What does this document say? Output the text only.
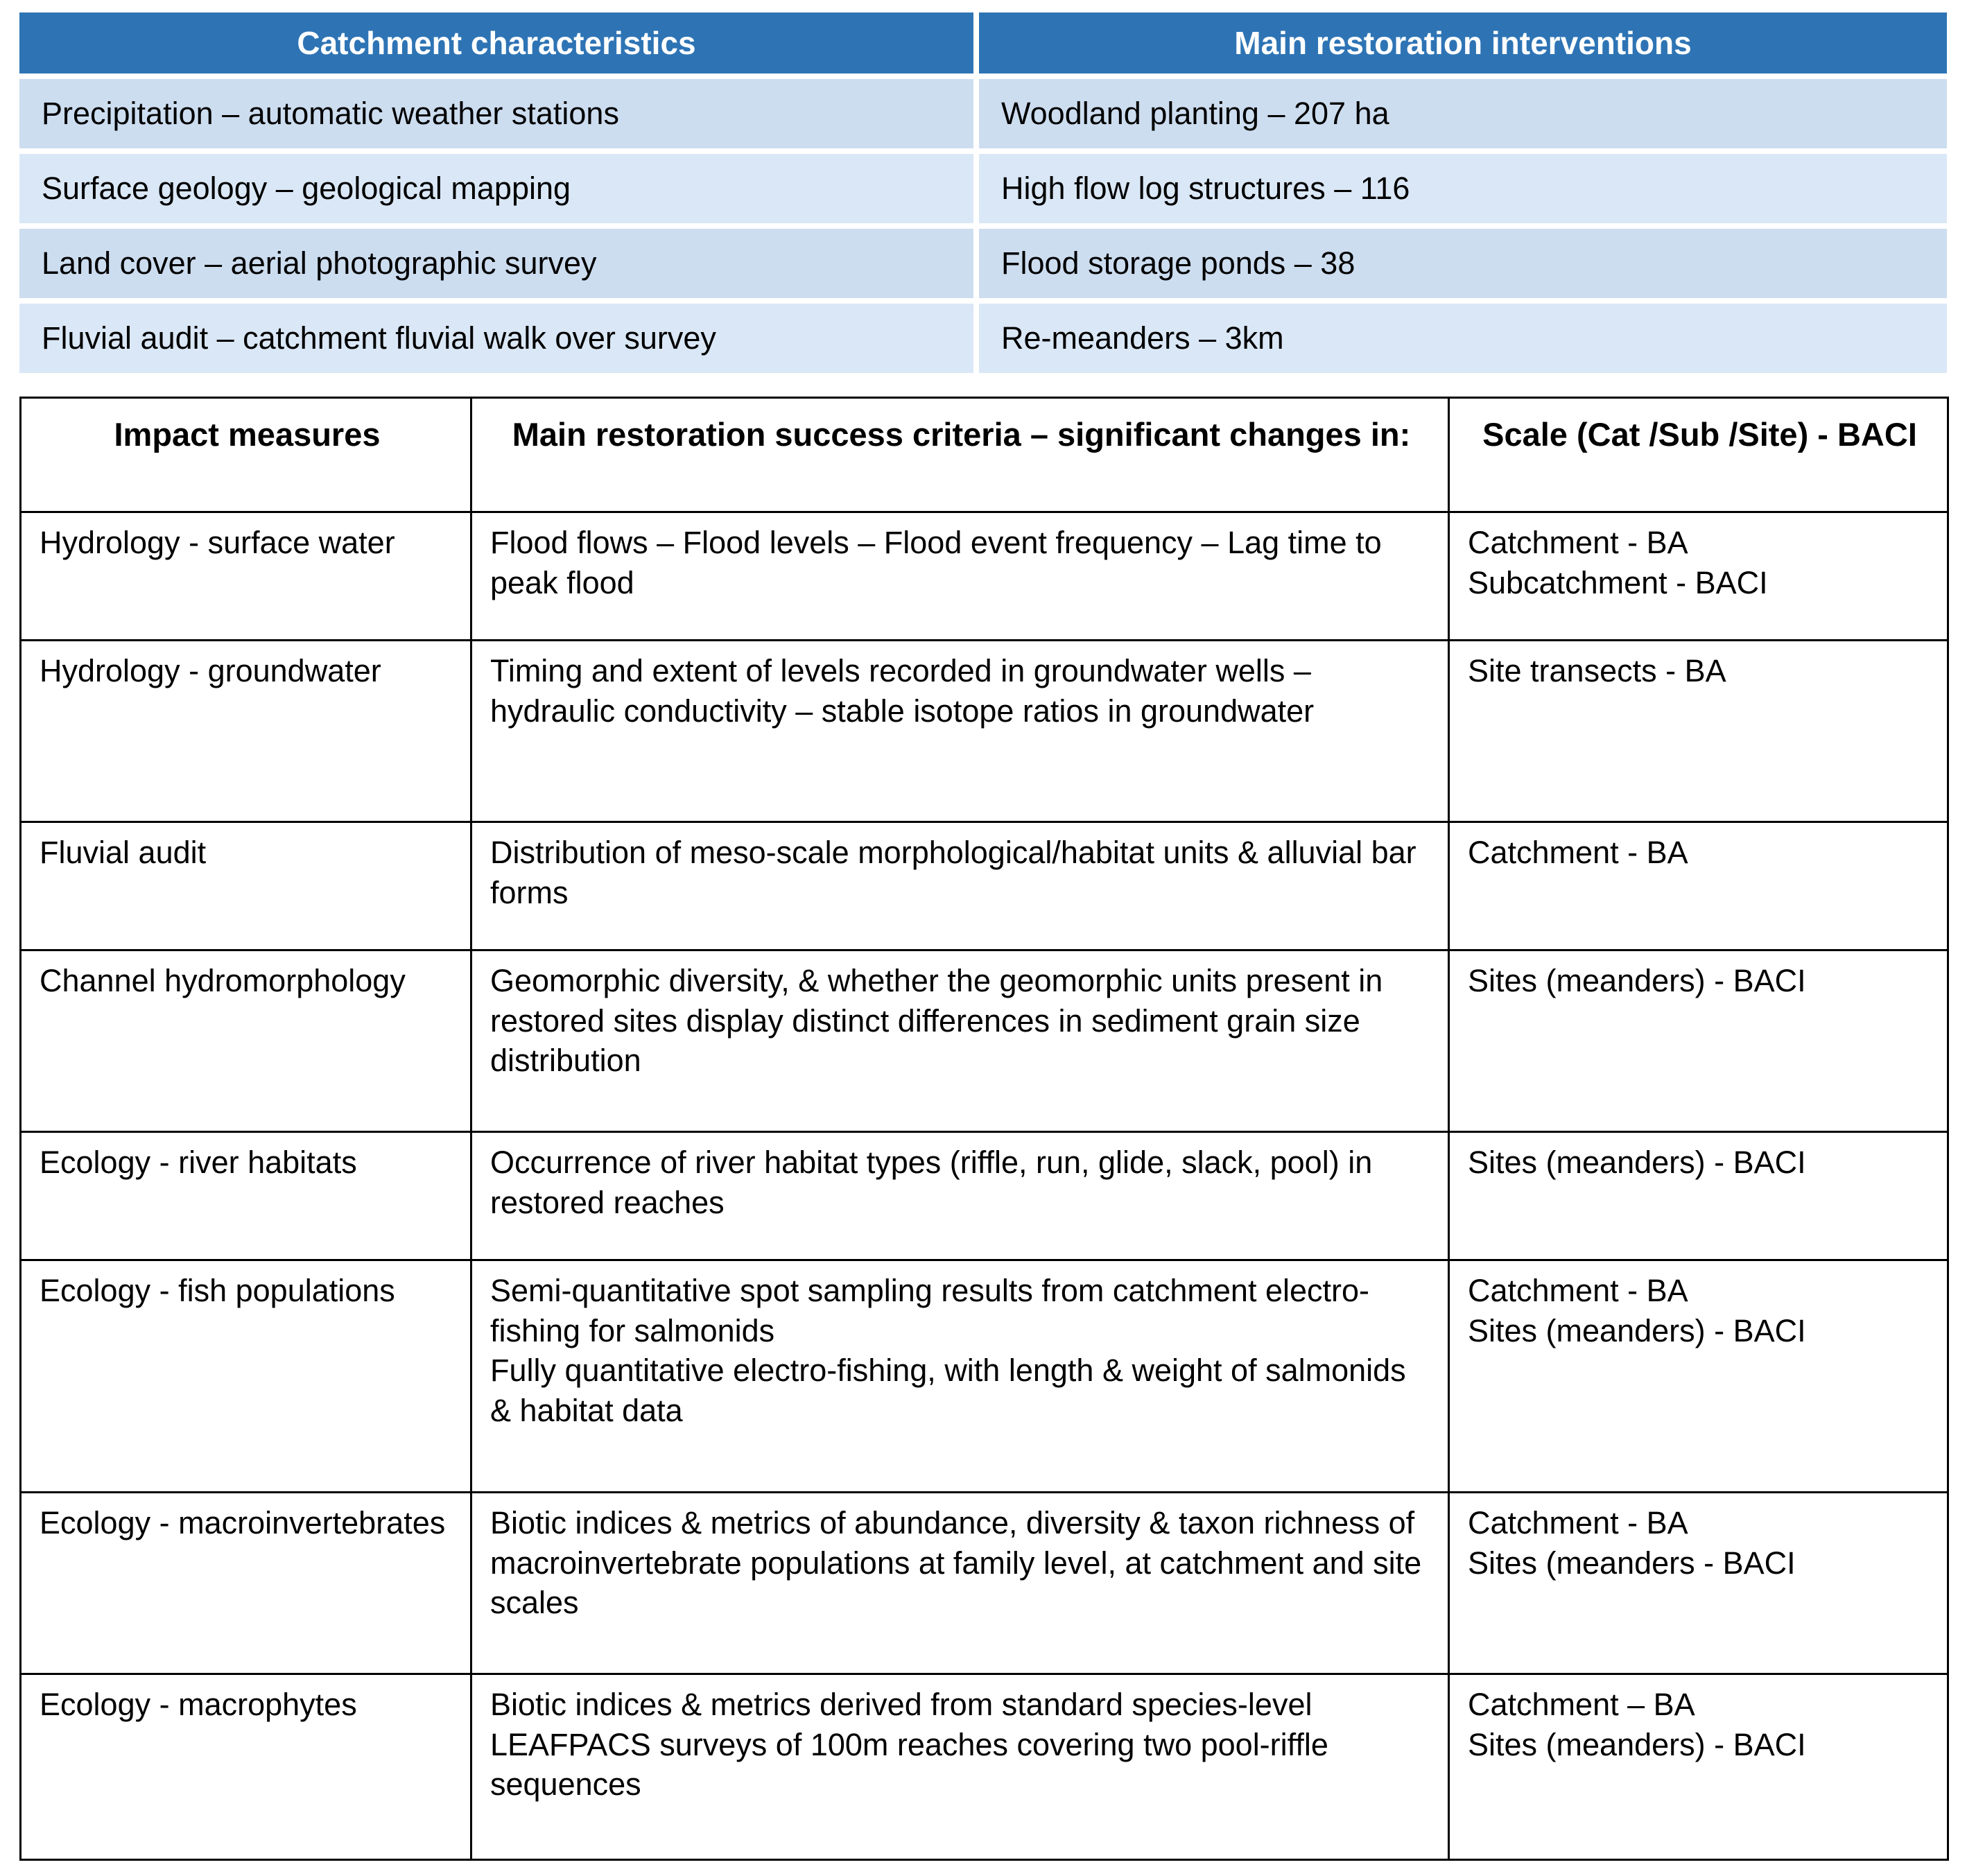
Catchment characteristics	Main restoration interventions
Precipitation – automatic weather stations	Woodland planting – 207 ha
Surface geology – geological mapping	High flow log structures – 116
Land cover – aerial photographic survey	Flood storage ponds – 38
Fluvial audit – catchment fluvial walk over survey	Re-meanders – 3km
Impact measures	Main restoration success criteria – significant changes in:	Scale (Cat /Sub /Site) - BACI
Hydrology - surface water	Flood flows – Flood levels – Flood event frequency – Lag time to peak flood	Catchment - BA
Subcatchment - BACI

Hydrology - groundwater	Timing and extent of levels recorded in groundwater wells – hydraulic conductivity – stable isotope ratios in groundwater	Site transects - BA

Fluvial audit	Distribution of meso-scale morphological/habitat units & alluvial bar forms	Catchment - BA

Channel hydromorphology	Geomorphic diversity, & whether the geomorphic units present in restored sites display distinct differences in sediment grain size distribution	Sites (meanders) - BACI

Ecology - river habitats	Occurrence of river habitat types (riffle, run, glide, slack, pool) in restored reaches	Sites (meanders) - BACI

Ecology - fish populations	Semi-quantitative spot sampling results from catchment electro-fishing for salmonids
Fully quantitative electro-fishing, with length & weight of salmonids & habitat data	Catchment - BA
Sites (meanders) - BACI

Ecology - macroinvertebrates	Biotic indices & metrics of abundance, diversity & taxon richness of macroinvertebrate populations at family level, at catchment and site scales	Catchment - BA
Sites (meanders - BACI

Ecology - macrophytes	Biotic indices & metrics derived from standard species-level LEAFPACS surveys of 100m reaches covering two pool-riffle sequences	Catchment – BA
Sites (meanders) - BACI
